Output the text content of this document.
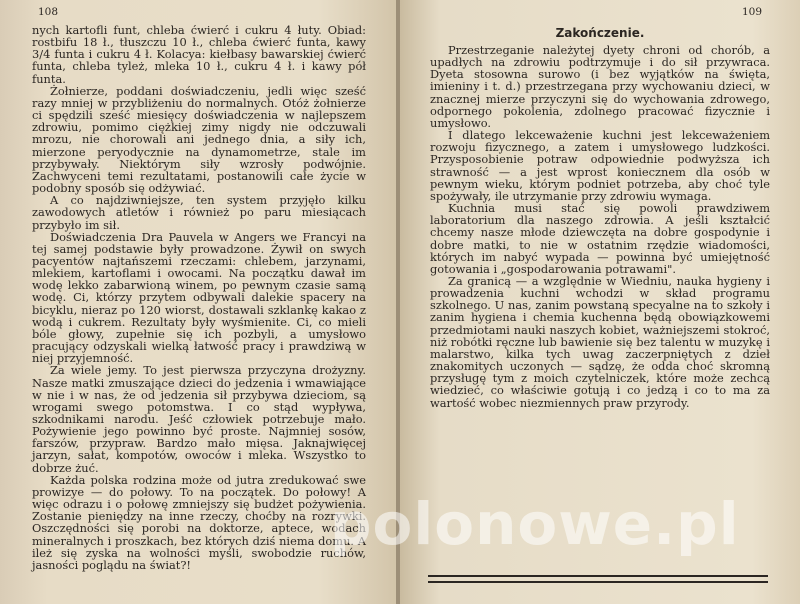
108

nych kartofli funt, chleba ćwierć i cukru 4 łuty. Obiad: rostbifu 18 ł., tłuszczu 10 ł., chleba ćwierć funta, kawy 3/4 funta i cukru 4 ł. Kolacya: kiełbasy bawarskiej ćwierć funta, chleba tyleż, mleka 10 ł., cukru 4 ł. i kawy pół funta.

Żołnierze, poddani doświadczeniu, jedli więc sześć razy mniej w przybliżeniu do normalnych. Otóż żołnierze ci spędzili sześć miesięcy doświadczenia w najlepszem zdrowiu, pomimo ciężkiej zimy nigdy nie odczuwali mrozu, nie chorowali ani jednego dnia, a siły ich, mierzone peryodycznie na dynamometrze, stale im przybywały. Niektórym siły wzrosły podwójnie. Zachwyceni temi rezultatami, postanowili całe życie w podobny sposób się odżywiać.

A co najdziwniejsze, ten system przyjęło kilku zawodowych atletów i również po paru miesiącach przybyło im sił.

Doświadczenia Dra Pauvela w Angers we Francyi na tej samej podstawie były prowadzone. Żywił on swych pacyentów najtańszemi rzeczami: chlebem, jarzynami, mlekiem, kartoflami i owocami. Na początku dawał im wodę lekko zabarwioną winem, po pewnym czasie samą wodę. Ci, którzy przytem odbywali dalekie spacery na bicyklu, nieraz po 120 wiorst, dostawali szklankę kakao z wodą i cukrem. Rezultaty były wyśmienite. Ci, co mieli bóle głowy, zupełnie się ich pozbyli, a umysłowo pracujący odzyskali wielką łatwość pracy i prawdziwą w niej przyjemność.

Za wiele jemy. To jest pierwsza przyczyna drożyzny. Nasze matki zmuszające dzieci do jedzenia i wmawiające w nie i w nas, że od jedzenia sił przybywa dzieciom, są wrogami swego potomstwa. I co stąd wypływa, szkodnikami narodu. Jeść człowiek potrzebuje mało. Pożywienie jego powinno być proste. Najmniej sosów, farszów, przypraw. Bardzo mało mięsa. Jaknajwięcej jarzyn, sałat, kompotów, owoców i mleka. Wszystko to dobrze żuć.

Każda polska rodzina może od jutra zredukować swe prowizye — do połowy. To na początek. Do połowy! A więc odrazu i o połowę zmniejszy się budżet pożywienia. Zostanie pieniędzy na inne rzeczy, choćby na rozrywki. Oszczędności się porobi na doktorze, aptece, wodach mineralnych i proszkach, bez których dziś niema domu. A ileż się zyska na wolności myśli, swobodzie ruchów, jasności poglądu na świat?!

109
Zakończenie.

Przestrzeganie należytej dyety chroni od chorób, a upadłych na zdrowiu podtrzymuje i do sił przywraca. Dyeta stosowna surowo (i bez wyjątków na święta, imieniny i t. d.) przestrzegana przy wychowaniu dzieci, w znacznej mierze przyczyni się do wychowania zdrowego, odpornego pokolenia, zdolnego pracować fizycznie i umysłowo.

I dlatego lekceważenie kuchni jest lekceważeniem rozwoju fizycznego, a zatem i umysłowego ludzkości. Przysposobienie potraw odpowiednie podwyższa ich strawność — a jest wprost koniecznem dla osób w pewnym wieku, którym podniet potrzeba, aby choć tyle spożywały, ile utrzymanie przy zdrowiu wymaga.

Kuchnia musi stać się powoli prawdziwem laboratorium dla naszego zdrowia. A jeśli kształcić chcemy nasze młode dziewczęta na dobre gospodynie i dobre matki, to nie w ostatnim rzędzie wiadomości, których im nabyć wypada — powinna być umiejętność gotowania i „gospodarowania potrawami".

Za granicą — a względnie w Wiedniu, nauka hygieny i prowadzenia kuchni wchodzi w skład programu szkolnego. U nas, zanim powstaną specyalne na to szkoły i zanim hygiena i chemia kuchenna będą obowiązkowemi przedmiotami nauki naszych kobiet, ważniejszemi stokroć, niż robótki ręczne lub bawienie się bez talentu w muzykę i malarstwo, kilka tych uwag zaczerpniętych z dzieł znakomitych uczonych — sądzę, że odda choć skromną przysługę tym z moich czytelniczek, które może zechcą wiedzieć, co właściwie gotują i co jedzą i co to ma za wartość wobec niezmiennych praw przyrody.

polonowe.pl
